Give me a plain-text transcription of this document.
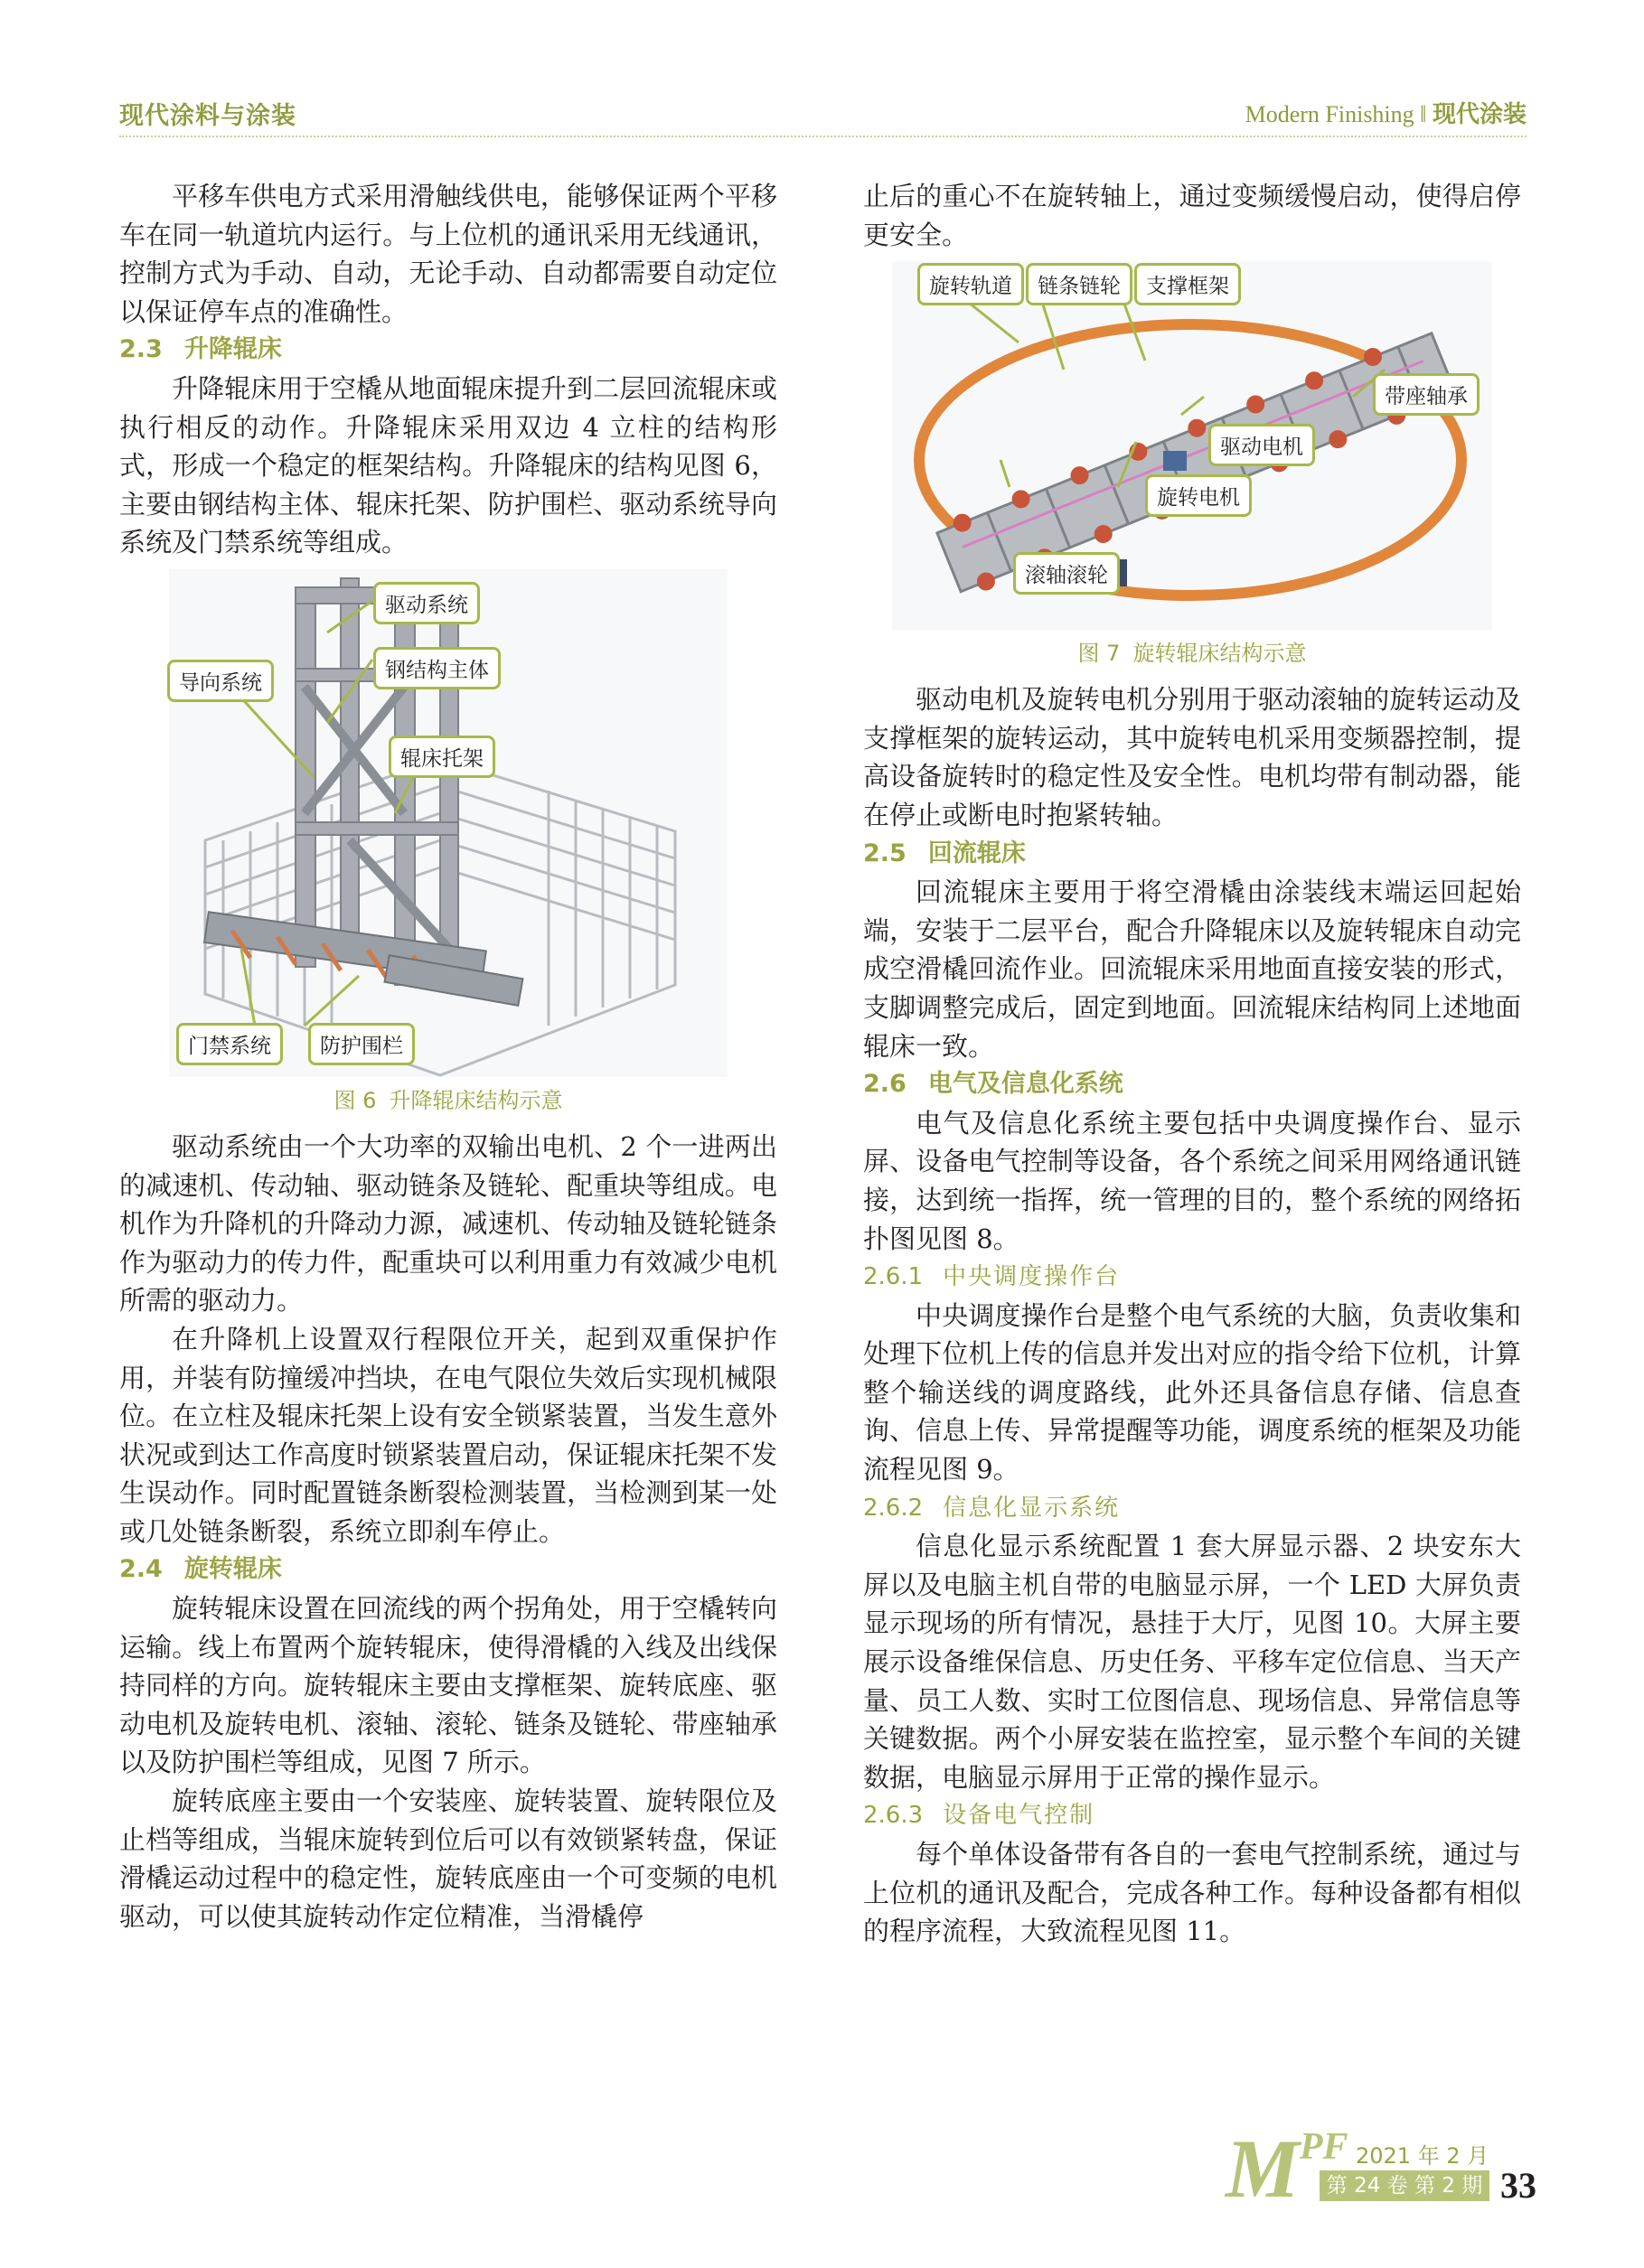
现代涂料与涂装	Modern Finishing ‖ 现代涂装

平移车供电方式采用滑触线供电，能够保证两个平移车在同一轨道坑内运行。与上位机的通讯采用无线通讯，控制方式为手动、自动，无论手动、自动都需要自动定位以保证停车点的准确性。

2.3 升降辊床

升降辊床用于空橇从地面辊床提升到二层回流辊床或执行相反的动作。升降辊床采用双边 4 立柱的结构形式，形成一个稳定的框架结构。升降辊床的结构见图 6，主要由钢结构主体、辊床托架、防护围栏、驱动系统导向系统及门禁系统等组成。

驱动系统
导向系统
钢结构主体
辊床托架
门禁系统	防护围栏
图 6 升降辊床结构示意

驱动系统由一个大功率的双输出电机、2 个一进两出的减速机、传动轴、驱动链条及链轮、配重块等组成。电机作为升降机的升降动力源，减速机、传动轴及链轮链条作为驱动力的传力件，配重块可以利用重力有效减少电机所需的驱动力。

在升降机上设置双行程限位开关，起到双重保护作用，并装有防撞缓冲挡块，在电气限位失效后实现机械限位。在立柱及辊床托架上设有安全锁紧装置，当发生意外状况或到达工作高度时锁紧装置启动，保证辊床托架不发生误动作。同时配置链条断裂检测装置，当检测到某一处或几处链条断裂，系统立即刹车停止。

2.4 旋转辊床

旋转辊床设置在回流线的两个拐角处，用于空橇转向运输。线上布置两个旋转辊床，使得滑橇的入线及出线保持同样的方向。旋转辊床主要由支撑框架、旋转底座、驱动电机及旋转电机、滚轴、滚轮、链条及链轮、带座轴承以及防护围栏等组成，见图 7 所示。

旋转底座主要由一个安装座、旋转装置、旋转限位及止档等组成，当辊床旋转到位后可以有效锁紧转盘，保证滑橇运动过程中的稳定性，旋转底座由一个可变频的电机驱动，可以使其旋转动作定位精准，当滑橇停

止后的重心不在旋转轴上，通过变频缓慢启动，使得启停更安全。

旋转轨道	链条链轮	支撑框架
带座轴承
驱动电机
旋转电机
滚轴滚轮
图 7 旋转辊床结构示意

驱动电机及旋转电机分别用于驱动滚轴的旋转运动及支撑框架的旋转运动，其中旋转电机采用变频器控制，提高设备旋转时的稳定性及安全性。电机均带有制动器，能在停止或断电时抱紧转轴。

2.5 回流辊床

回流辊床主要用于将空滑橇由涂装线末端运回起始端，安装于二层平台，配合升降辊床以及旋转辊床自动完成空滑橇回流作业。回流辊床采用地面直接安装的形式，支脚调整完成后，固定到地面。回流辊床结构同上述地面辊床一致。

2.6 电气及信息化系统

电气及信息化系统主要包括中央调度操作台、显示屏、设备电气控制等设备，各个系统之间采用网络通讯链接，达到统一指挥，统一管理的目的，整个系统的网络拓扑图见图 8。

2.6.1 中央调度操作台

中央调度操作台是整个电气系统的大脑，负责收集和处理下位机上传的信息并发出对应的指令给下位机，计算整个输送线的调度路线，此外还具备信息存储、信息查询、信息上传、异常提醒等功能，调度系统的框架及功能流程见图 9。

2.6.2 信息化显示系统

信息化显示系统配置 1 套大屏显示器、2 块安东大屏以及电脑主机自带的电脑显示屏，一个 LED 大屏负责显示现场的所有情况，悬挂于大厅，见图 10。大屏主要展示设备维保信息、历史任务、平移车定位信息、当天产量、员工人数、实时工位图信息、现场信息、异常信息等关键数据。两个小屏安装在监控室，显示整个车间的关键数据，电脑显示屏用于正常的操作显示。

2.6.3 设备电气控制

每个单体设备带有各自的一套电气控制系统，通过与上位机的通讯及配合，完成各种工作。每种设备都有相似的程序流程，大致流程见图 11。

$M^{PF}$ 2021 年 2 月
第 24 卷 第 2 期 33
